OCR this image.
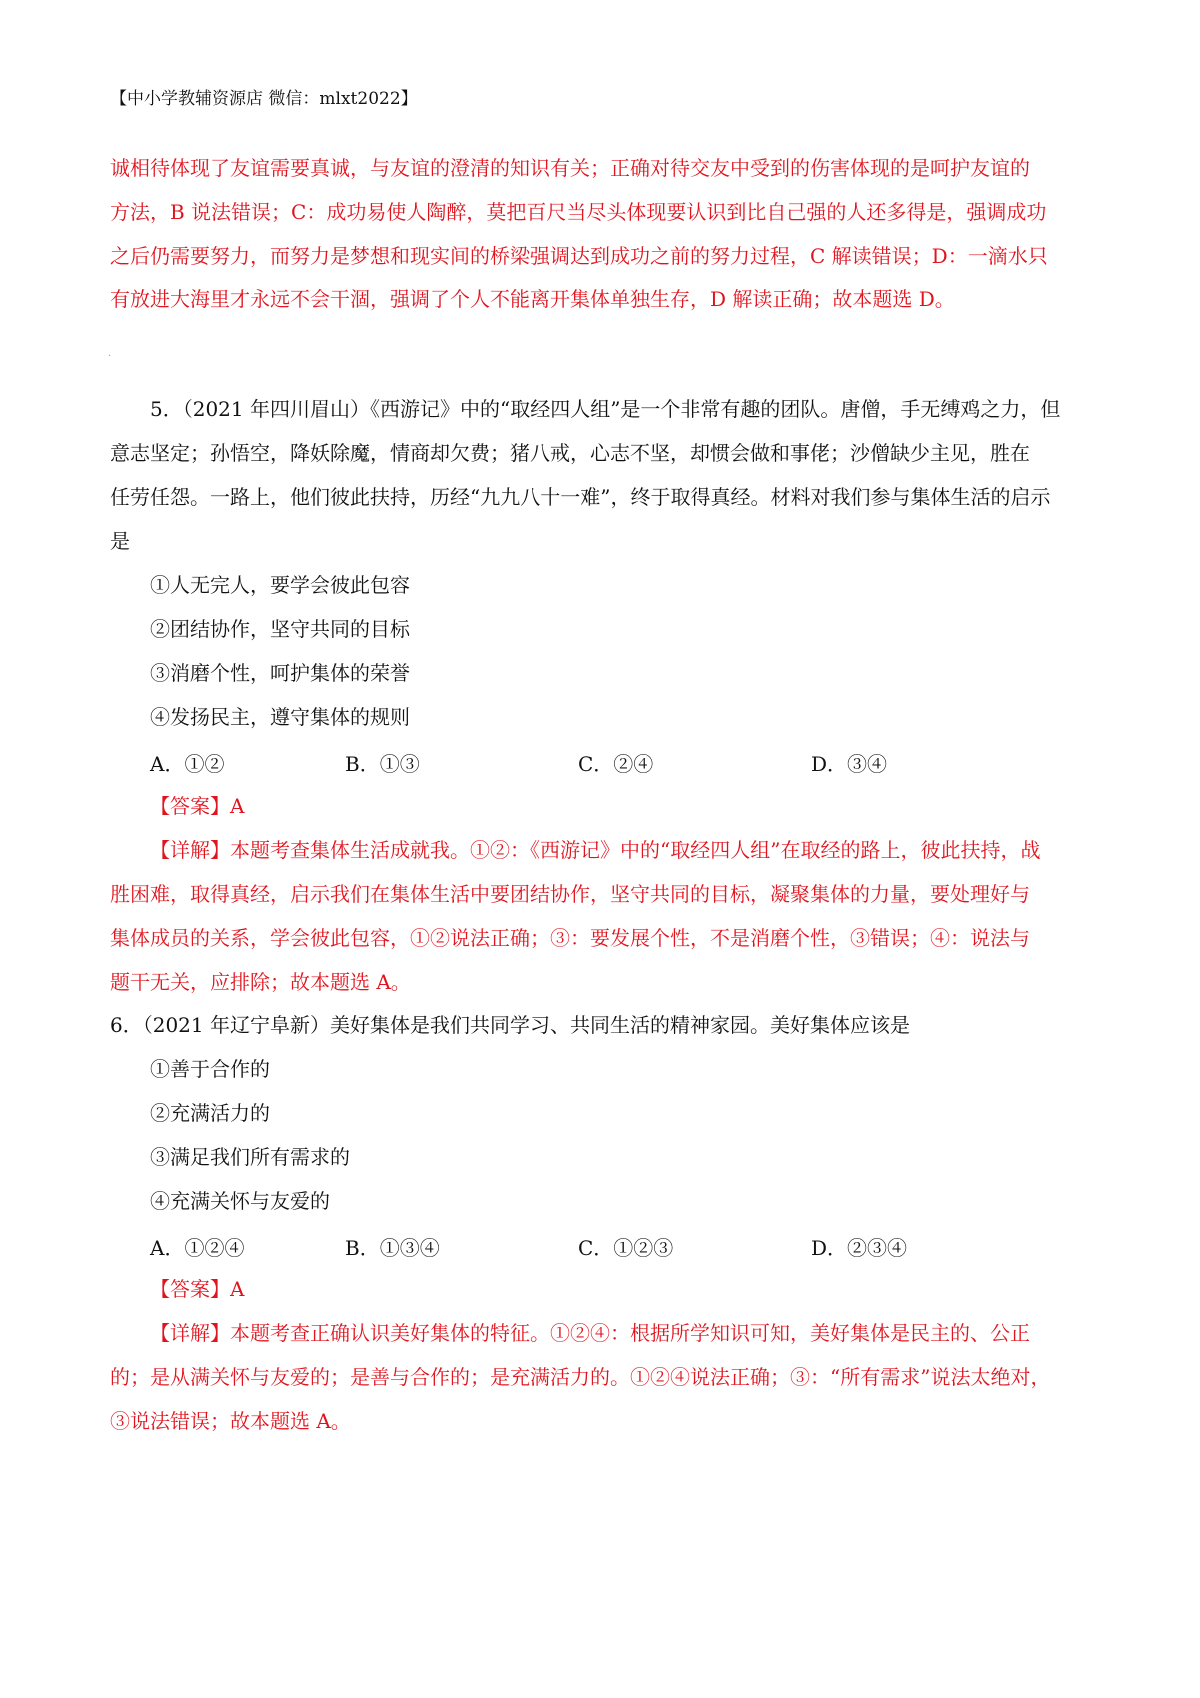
【中小学教辅资源店 微信：mlxt2022】
诚相待体现了友谊需要真诚，与友谊的澄清的知识有关；正确对待交友中受到的伤害体现的是呵护友谊的
方法，B 说法错误；C：成功易使人陶醉，莫把百尺当尽头体现要认识到比自己强的人还多得是，强调成功
之后仍需要努力，而努力是梦想和现实间的桥梁强调达到成功之前的努力过程，C 解读错误；D：一滴水只
有放进大海里才永远不会干涸，强调了个人不能离开集体单独生存，D 解读正确；故本题选 D。
.
5．（2021 年四川眉山）《西游记》中的“取经四人组”是一个非常有趣的团队。唐僧，手无缚鸡之力，但
意志坚定；孙悟空，降妖除魔，情商却欠费；猪八戒，心志不坚，却惯会做和事佬；沙僧缺少主见，胜在
任劳任怨。一路上，他们彼此扶持，历经“九九八十一难”，终于取得真经。材料对我们参与集体生活的启示
是
①人无完人，要学会彼此包容
②团结协作，坚守共同的目标
③消磨个性，呵护集体的荣誉
④发扬民主，遵守集体的规则
A．①②	B．①③	C．②④	D．③④
【答案】A
【详解】本题考查集体生活成就我。①②：《西游记》中的“取经四人组”在取经的路上，彼此扶持，战
胜困难，取得真经，启示我们在集体生活中要团结协作，坚守共同的目标，凝聚集体的力量，要处理好与
集体成员的关系，学会彼此包容，①②说法正确；③：要发展个性，不是消磨个性，③错误；④：说法与
题干无关，应排除；故本题选 A。
6．（2021 年辽宁阜新）美好集体是我们共同学习、共同生活的精神家园。美好集体应该是
①善于合作的
②充满活力的
③满足我们所有需求的
④充满关怀与友爱的
A．①②④	B．①③④	C．①②③	D．②③④
【答案】A
【详解】本题考查正确认识美好集体的特征。①②④：根据所学知识可知，美好集体是民主的、公正
的；是从满关怀与友爱的；是善与合作的；是充满活力的。①②④说法正确；③：“所有需求”说法太绝对，
③说法错误；故本题选 A。
